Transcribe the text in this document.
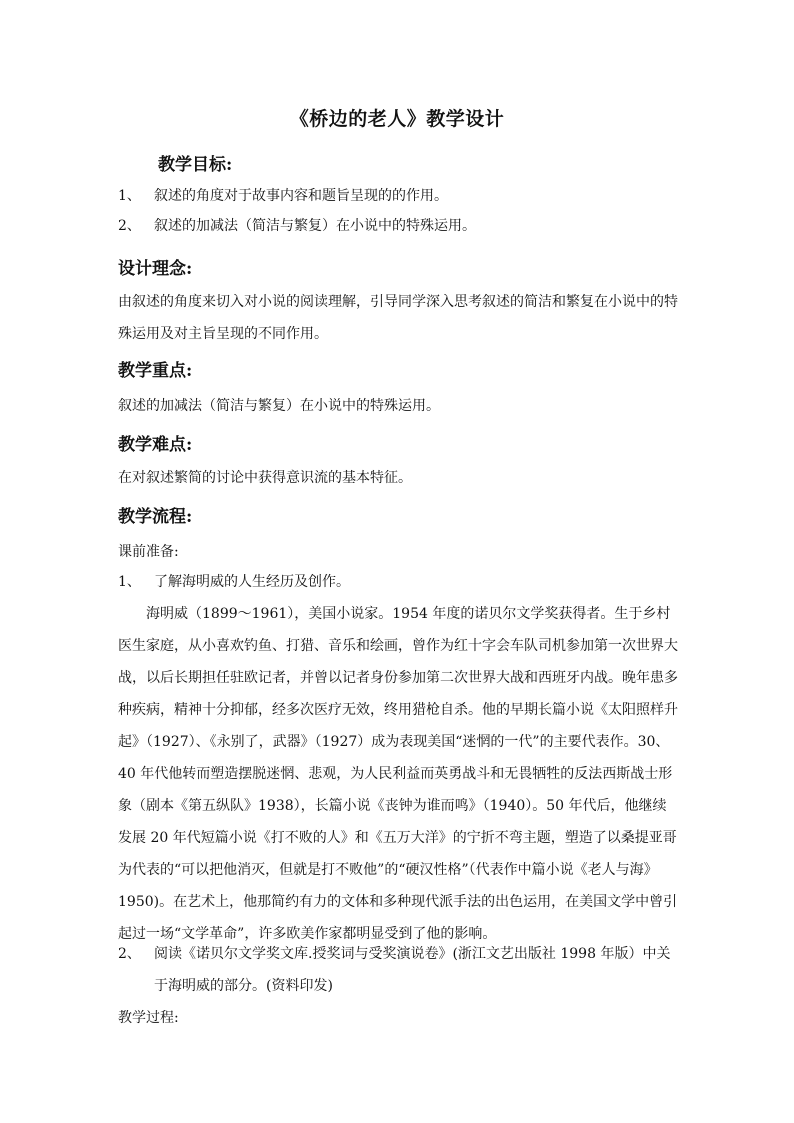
《桥边的老人》教学设计
教学目标:
1、 叙述的角度对于故事内容和题旨呈现的的作用。
2、 叙述的加减法（简洁与繁复）在小说中的特殊运用。
设计理念:
由叙述的角度来切入对小说的阅读理解，引导同学深入思考叙述的简洁和繁复在小说中的特殊运用及对主旨呈现的不同作用。
教学重点:
叙述的加减法（简洁与繁复）在小说中的特殊运用。
教学难点:
在对叙述繁简的讨论中获得意识流的基本特征。
教学流程:
课前准备:
1、 了解海明威的人生经历及创作。
海明威（1899～1961），美国小说家。1954 年度的诺贝尔文学奖获得者。生于乡村医生家庭，从小喜欢钓鱼、打猎、音乐和绘画，曾作为红十字会车队司机参加第一次世界大战，以后长期担任驻欧记者，并曾以记者身份参加第二次世界大战和西班牙内战。晚年患多种疾病，精神十分抑郁，经多次医疗无效，终用猎枪自杀。他的早期长篇小说《太阳照样升起》（1927）、《永别了，武器》（1927）成为表现美国“迷惘的一代”的主要代表作。30、40 年代他转而塑造摆脱迷惘、悲观，为人民利益而英勇战斗和无畏牺牲的反法西斯战士形象（剧本《第五纵队》1938），长篇小说《丧钟为谁而鸣》（1940）。50 年代后，他继续发展 20 年代短篇小说《打不败的人》和《五万大洋》的宁折不弯主题，塑造了以桑提亚哥为代表的“可以把他消灭，但就是打不败他”的“硬汉性格”（代表作中篇小说《老人与海》1950)。在艺术上，他那简约有力的文体和多种现代派手法的出色运用，在美国文学中曾引起过一场“文学革命”，许多欧美作家都明显受到了他的影响。
2、 阅读《诺贝尔文学奖文库.授奖词与受奖演说卷》(浙江文艺出版社 1998 年版）中关于海明威的部分。(资料印发)
教学过程:
